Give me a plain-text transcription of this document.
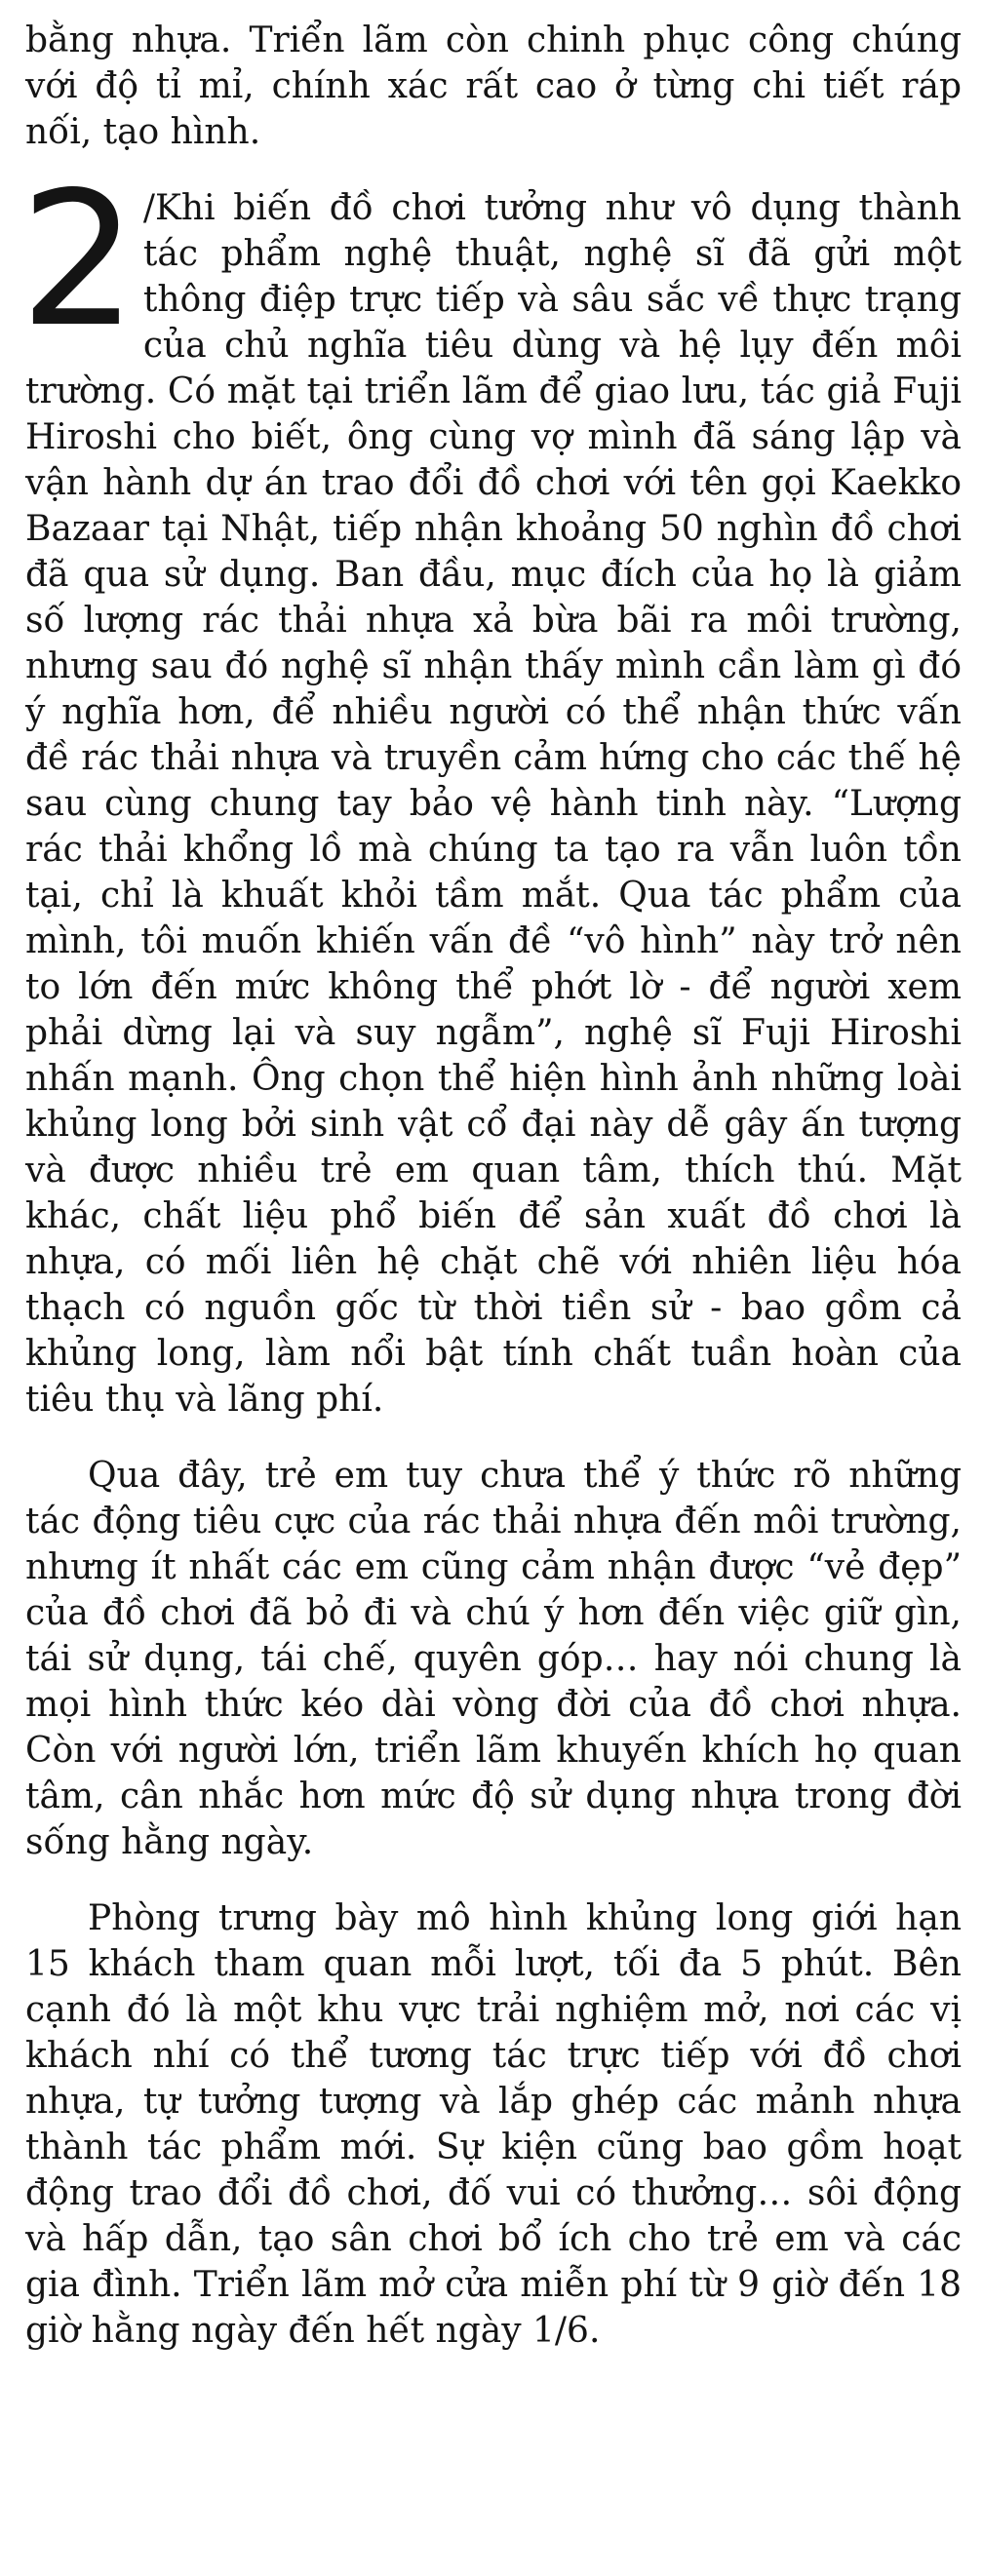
bằng nhựa. Triển lãm còn chinh phục công chúng với độ tỉ mỉ, chính xác rất cao ở từng chi tiết ráp nối, tạo hình.

2 /Khi biến đồ chơi tưởng như vô dụng thành tác phẩm nghệ thuật, nghệ sĩ đã gửi một thông điệp trực tiếp và sâu sắc về thực trạng của chủ nghĩa tiêu dùng và hệ lụy đến môi trường. Có mặt tại triển lãm để giao lưu, tác giả Fuji Hiroshi cho biết, ông cùng vợ mình đã sáng lập và vận hành dự án trao đổi đồ chơi với tên gọi Kaekko Bazaar tại Nhật, tiếp nhận khoảng 50 nghìn đồ chơi đã qua sử dụng. Ban đầu, mục đích của họ là giảm số lượng rác thải nhựa xả bừa bãi ra môi trường, nhưng sau đó nghệ sĩ nhận thấy mình cần làm gì đó ý nghĩa hơn, để nhiều người có thể nhận thức vấn đề rác thải nhựa và truyền cảm hứng cho các thế hệ sau cùng chung tay bảo vệ hành tinh này. “Lượng rác thải khổng lồ mà chúng ta tạo ra vẫn luôn tồn tại, chỉ là khuất khỏi tầm mắt. Qua tác phẩm của mình, tôi muốn khiến vấn đề “vô hình” này trở nên to lớn đến mức không thể phớt lờ - để người xem phải dừng lại và suy ngẫm”, nghệ sĩ Fuji Hiroshi nhấn mạnh. Ông chọn thể hiện hình ảnh những loài khủng long bởi sinh vật cổ đại này dễ gây ấn tượng và được nhiều trẻ em quan tâm, thích thú. Mặt khác, chất liệu phổ biến để sản xuất đồ chơi là nhựa, có mối liên hệ chặt chẽ với nhiên liệu hóa thạch có nguồn gốc từ thời tiền sử - bao gồm cả khủng long, làm nổi bật tính chất tuần hoàn của tiêu thụ và lãng phí.

Qua đây, trẻ em tuy chưa thể ý thức rõ những tác động tiêu cực của rác thải nhựa đến môi trường, nhưng ít nhất các em cũng cảm nhận được “vẻ đẹp” của đồ chơi đã bỏ đi và chú ý hơn đến việc giữ gìn, tái sử dụng, tái chế, quyên góp… hay nói chung là mọi hình thức kéo dài vòng đời của đồ chơi nhựa. Còn với người lớn, triển lãm khuyến khích họ quan tâm, cân nhắc hơn mức độ sử dụng nhựa trong đời sống hằng ngày.

Phòng trưng bày mô hình khủng long giới hạn 15 khách tham quan mỗi lượt, tối đa 5 phút. Bên cạnh đó là một khu vực trải nghiệm mở, nơi các vị khách nhí có thể tương tác trực tiếp với đồ chơi nhựa, tự tưởng tượng và lắp ghép các mảnh nhựa thành tác phẩm mới. Sự kiện cũng bao gồm hoạt động trao đổi đồ chơi, đố vui có thưởng… sôi động và hấp dẫn, tạo sân chơi bổ ích cho trẻ em và các gia đình. Triển lãm mở cửa miễn phí từ 9 giờ đến 18 giờ hằng ngày đến hết ngày 1/6.
